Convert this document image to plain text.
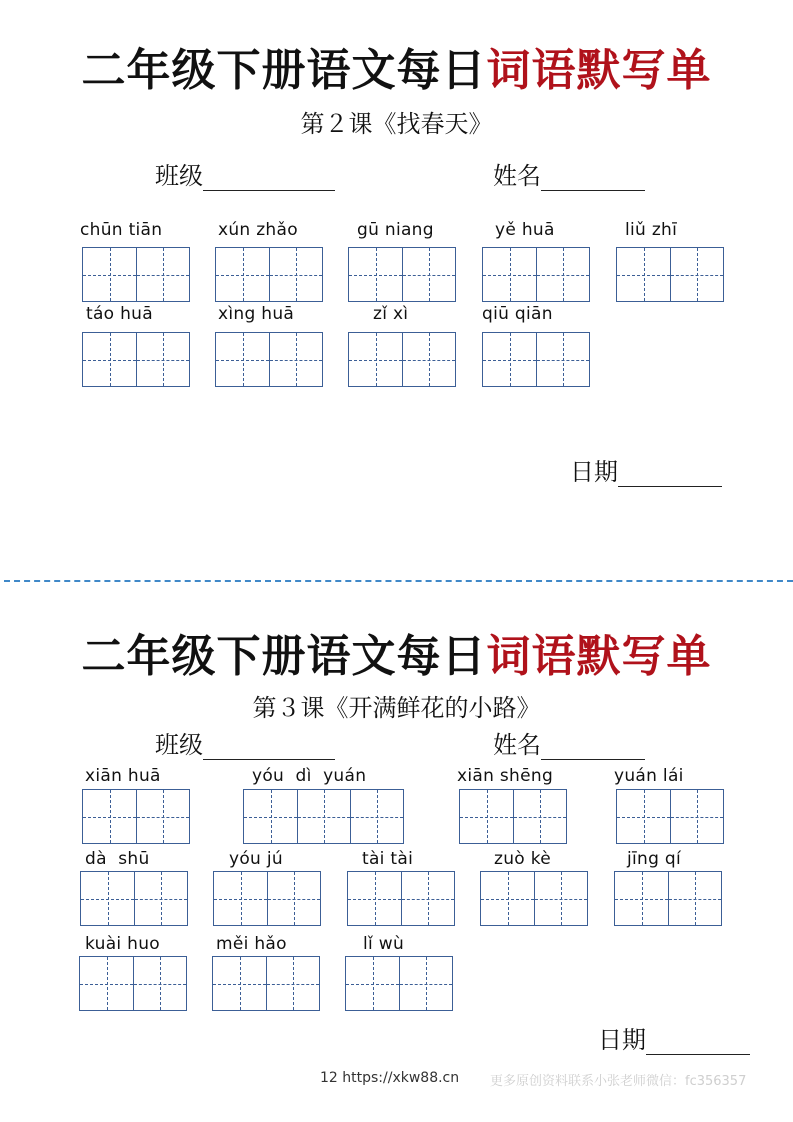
二年级下册语文每日词语默写单
第２课《找春天》
班级	姓名
chūn tiān	xún zhǎo	gū niang	yě huā	liǔ zhī
táo huā	xìng huā	zǐ xì	qiū qiān
日期
二年级下册语文每日词语默写单
第３课《开满鲜花的小路》
班级	姓名
xiān huā	yóu  dì  yuán	xiān shēng	yuán lái
dà  shū	yóu jú	tài tài	zuò kè	jīng qí
kuài huo	měi hǎo	lǐ wù
日期
12 https://xkw88.cn 更多原创资料联系小张老师微信：fc356357
